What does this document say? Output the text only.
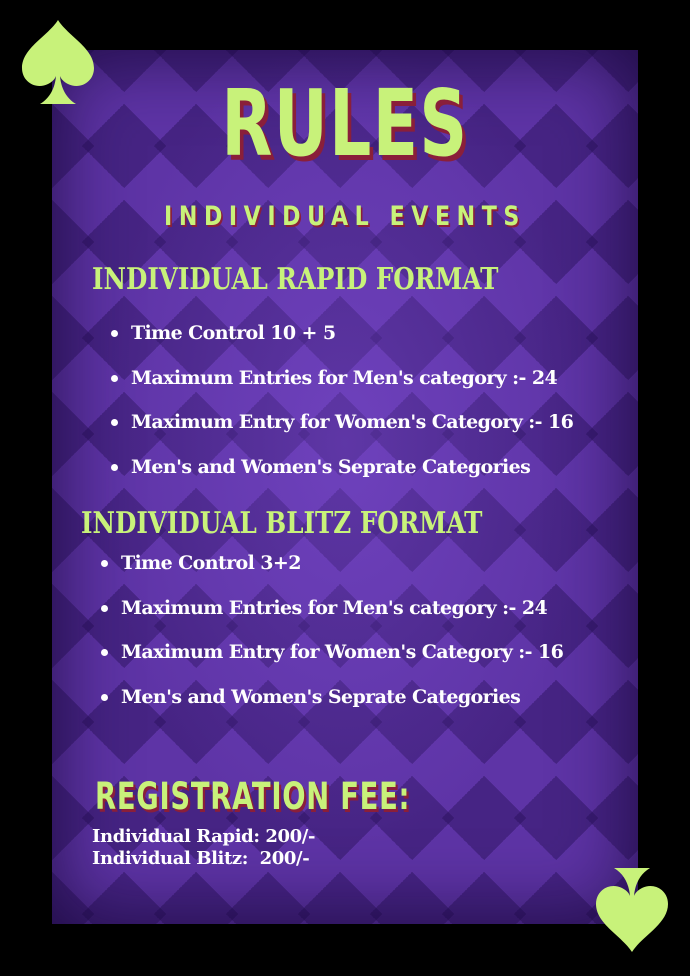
RULES
INDIVIDUAL EVENTS
INDIVIDUAL RAPID FORMAT
Time Control 10 + 5
Maximum Entries for Men's category :- 24
Maximum Entry for Women's Category :- 16
Men's and Women's Seprate Categories
INDIVIDUAL BLITZ FORMAT
Time Control 3+2
Maximum Entries for Men's category :- 24
Maximum Entry for Women's Category :- 16
Men's and Women's Seprate Categories
REGISTRATION FEE:
Individual Rapid: 200/-
Individual Blitz:  200/-
